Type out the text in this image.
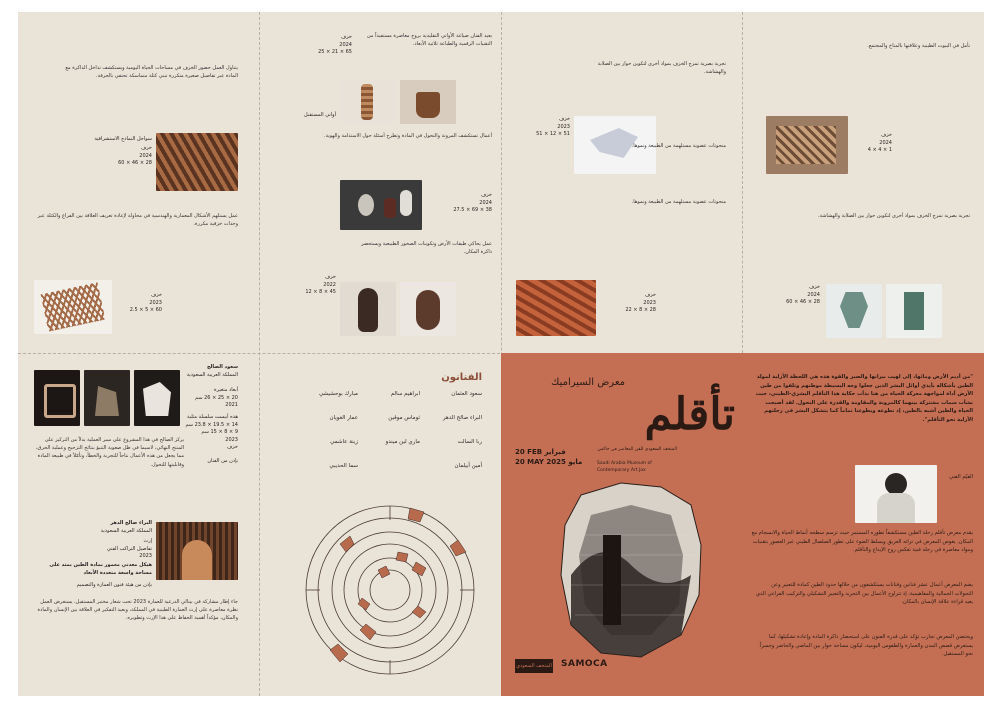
يتناول العمل حضور الخزف في مساحات الحياة اليومية ويستكشف تداخل الذاكرة مع المادة عبر تفاصيل صغيرة متكررة تبني كتلة متماسكة تحتفي بالحرفة.
سواحل النماذج الاستشرافية
خزف
2024
28 × 46 × 60
عمل يستلهم الأشكال المعمارية والهندسية في محاولة لإعادة تعريف العلاقة بين الفراغ والكتلة عبر وحدات خزفية مكررة.
خزف
2023
60 × 5 × 2.5
خزف
2024
65 × 21 × 25
يعيد الفنان صياغة الأواني التقليدية بروح معاصرة مستفيداً من التقنيات الرقمية والطباعة ثلاثية الأبعاد.
أواني المستقبل
أعمال تستكشف المرونة والتحول في المادة وتطرح أسئلة حول الاستدامة والهوية.
خزف
2024
38 × 69 × 27.5
عمل يحاكي طبقات الأرض وتكوينات الصخور الطبيعية ويستحضر ذاكرة المكان.
خزف
2022
45 × 8 × 12
تجربة بصرية تمزج الخزف بمواد أخرى لتكوين حوار بين الصلابة والهشاشة.
خزف
2023
51 × 12 × 51
منحوتات عضوية مستلهمة من الطبيعة ونموها.
منحوتات عضوية مستلهمة من الطبيعة ونموها.
خزف
2023
28 × 8 × 22
تأمل في البيوت الطينية وعلاقتها بالمناخ والمجتمع.
خزف
2024
1 × 4 × 4
تجربة بصرية تمزج الخزف بمواد أخرى لتكوين حوار بين الصلابة والهشاشة.
خزف
2024
28 × 46 × 60
سعود الصالح
المملكة العربية السعودية
أبعاد متغيرة
20 × 25 × 26 سم
2021
هذه أبيست سلسلة مثلية
14 × 19.5 × 23.8 سم
9 × 8 × 15 سم
2023
خزف
بإذن من الفنان
يركز الصالح في هذا المشروع على سبر العملية بدلاً من التركيز على المنتج النهائي، لاسيما في ظل صعوبة التنبؤ بنتائج التزجيج وعملية الحرق، مما يجعل من هذه الأعمال نتاجاً للتجربة والخطأ، وتأمّلاً في طبيعة المادة وقابليتها للتحول.
البراء صالح الدهر
المملكة العربية السعودية
إرث
تفاصيل التراكب الفني
2023
هيكل معدني مغمور بمادة الطين يمتد على مساحة واسعة متعددة الأبعاد
بإذن من هيئة فنون العمارة والتصميم
جاء إطار مشاركة في بينالي الدرعية للعمارة 2023 تحت شعار مختبر المستقبل، يستعرض العمل نظرة معاصرة على إرث العمارة الطينية في المملكة، ويعيد التفكير في العلاقة بين الإنسان والمادة والمكان، مؤكداً أهمية الحفاظ على هذا الإرث وتطويره.
الفنانون
سعود العثمان
ابراهيم سالم
مبارك بوحشيشي
البراء صالح الدهر
ثوماس موقين
عمار الغويان
ربا السالت
ماري لين ميندو
زينة عاشمي
أمين أبيلمان
سما الحديبي
معرض السيراميك
تأقلم
20 FEB فبراير
20 MAY مايو 2025
المتحف السعودي للفن المعاصر في جاكس
Saudi Arabia Museum of Contemporary Art Jax
المتحف السعودي SAMOCA
"من أديم الأرض ومائها، إلى لهيب نيرانها والصبر والقوة هذه هي اللحظة الأزلية لمولد الطين بأشكاله بأيدي أوائل البشر الذين جعلوا وجه البسيطة موطنهم وتلقوا من طين الأرض أداة لمواجهة معركة الحياة من هنا بدأت حكاية هذا التأقلم البشري-الطيني، حيث نشأت سمات مشتركة بينهما كالمرونة والمقاومة والقدرة على التحول. لقد أصبحت الحياة والطين أشبه بالطين، إذ نطوعه ويطوعنا تماماً كما يتشكل البشر في رحلتهم الأزلية نحو التأقلم".
القيّم الفني
يقدم معرض تأقلم رحلة الطين مستكشفاً تطوره المستمر حيث ترسم سطحه أنماط الحياة والانسجام مع المكان. يغوص المعرض في تراثه العريق ويسلط الضوء على تطور الصلصال الطيني عبر العصور بتقنيات ومواد معاصرة في رحلة فنية تعكس روح الإبداع والتأقلم.
يضم المعرض أعمال عشر فنانين وفنانات يستكشفون من خلالها حدود الطين كمادة للتعبير وعن التحولات الجمالية والمفاهيمية، إذ تتراوح الأعمال بين التجريد والتعبير التشكيلي والتركيب الفراغي الذي يعيد قراءة علاقة الإنسان بالمكان.
ويحتضن المعرض تجارب تؤكد على قدرة الفنون على استحضار ذاكرة المادة وإعادة تشكيلها، كما يستعرض قصص المدن والعمارة والطقوس اليومية، ليكون مساحة حوار بين الماضي والحاضر وجسراً نحو المستقبل.
